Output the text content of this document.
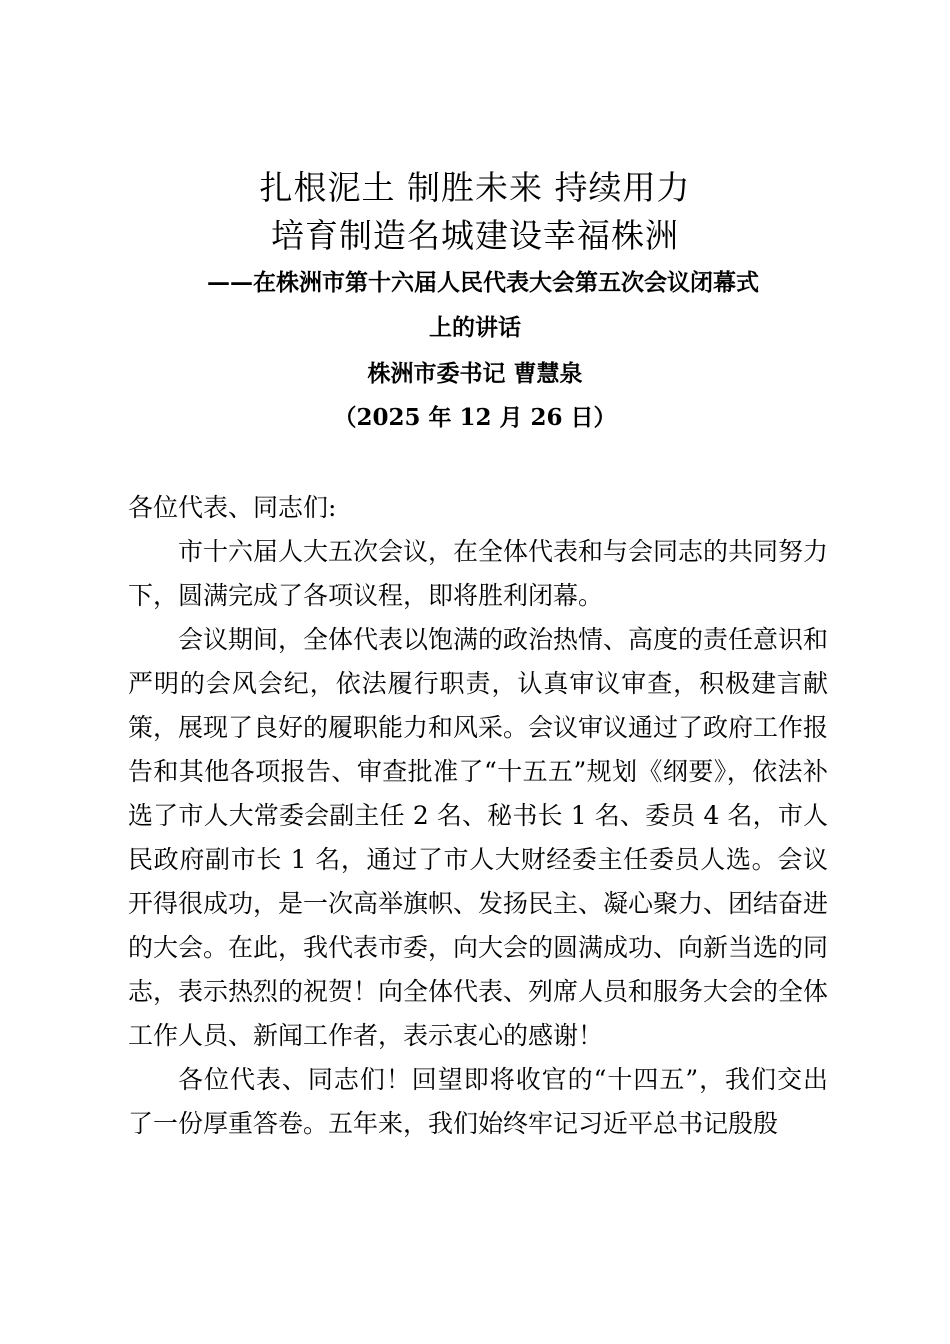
扎根泥土 制胜未来 持续用力
培育制造名城建设幸福株洲
——在株洲市第十六届人民代表大会第五次会议闭幕式
上的讲话
株洲市委书记 曹慧泉
（2025 年 12 月 26 日）

各位代表、同志们:

市十六届人大五次会议，在全体代表和与会同志的共同努力下，圆满完成了各项议程，即将胜利闭幕。

会议期间，全体代表以饱满的政治热情、高度的责任意识和严明的会风会纪，依法履行职责，认真审议审查，积极建言献策，展现了良好的履职能力和风采。会议审议通过了政府工作报告和其他各项报告、审查批准了“十五五”规划《纲要》，依法补选了市人大常委会副主任 2 名、秘书长 1 名、委员 4 名，市人民政府副市长 1 名，通过了市人大财经委主任委员人选。会议开得很成功，是一次高举旗帜、发扬民主、凝心聚力、团结奋进的大会。在此，我代表市委，向大会的圆满成功、向新当选的同志，表示热烈的祝贺！向全体代表、列席人员和服务大会的全体工作人员、新闻工作者，表示衷心的感谢！

各位代表、同志们！回望即将收官的“十四五”，我们交出了一份厚重答卷。五年来，我们始终牢记习近平总书记殷殷
